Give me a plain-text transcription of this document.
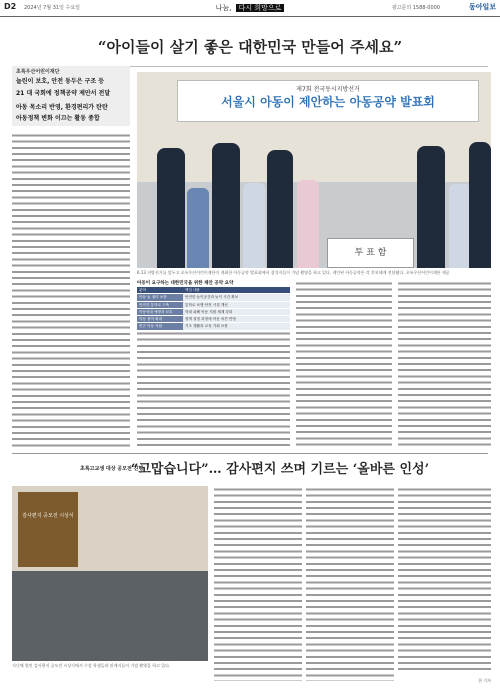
D2 2024년 7월 31일 수요일	나눔, 다시 희망으로	광고문의 1588-0000	동아일보
“아이들이 살기 좋은 대한민국 만들어 주세요”
초록우산어린이재단
놀린이 보호, 안전 동두은 구조 등
21 대 국회에 정책공약 제안서 전달
아동 목소리 반영, 환경편리가 탄탄
아동정책 변화 이끄는 활동 종합
제7회 전국동시지방선거
서울시 아동이 제안하는 아동공약 발표회
투 표 함
6.13 지방선거를 앞두고 초록우산어린이재단이 개최한 아동공약 발표회에서 참석자들이 기념 촬영을 하고 있다. 제안된 아동공약은 각 후보에게 전달됐다. 초록우산어린이재단 제공
아동이 요구하는 대한민국을 위한 제안 공약 요약
분야	핵심 내용
아동 놀 권리 보장	안전한 놀이공간과 놀이 시간 확보
안전한 통학로 구축	통학로 보행 안전 시설 개선
아동학대 예방과 보호	학대 피해 아동 지원 체계 강화
아동 참여 확대	정책 결정 과정에 아동 의견 반영
빈곤 아동 지원	기초 생활과 교육 기회 보장
초록고교생 대상 공모전 진행
“고맙습니다”… 감사편지 쓰며 기르는 ‘올바른 인성’
감사편지 공모전 시상식
지난해 열린 감사편지 공모전 시상식에서 수상 학생들과 관계자들이 기념 촬영을 하고 있다.
한 기자
